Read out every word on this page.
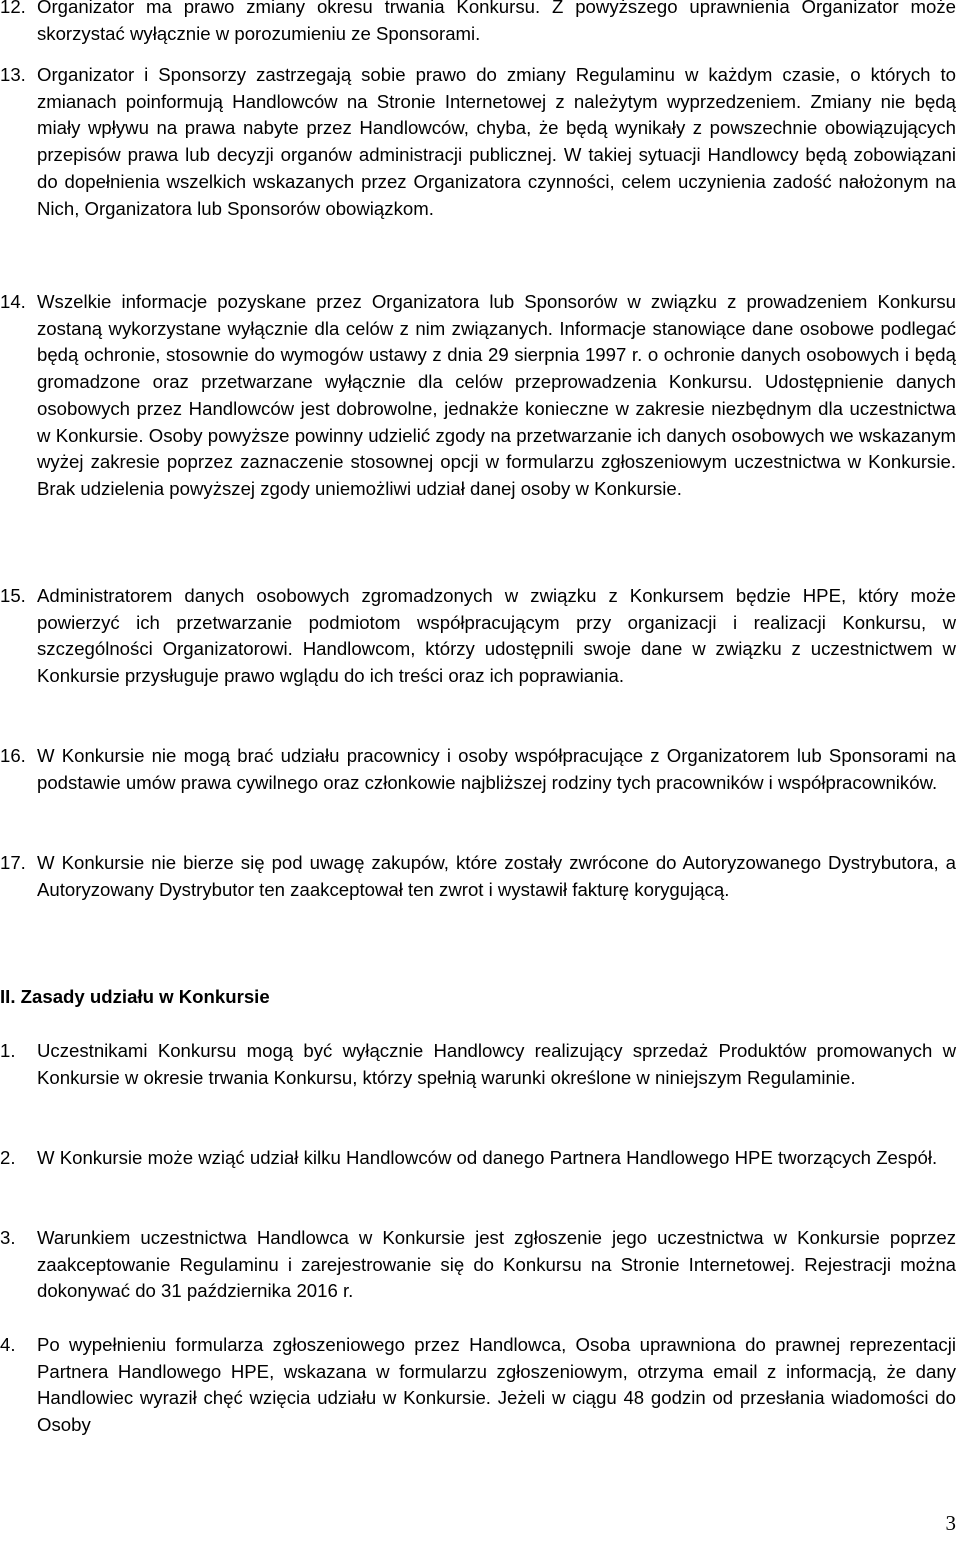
12. Organizator ma prawo zmiany okresu trwania Konkursu. Z powyższego uprawnienia Organizator może skorzystać wyłącznie w porozumieniu ze Sponsorami.
13. Organizator i Sponsorzy zastrzegają sobie prawo do zmiany Regulaminu w każdym czasie, o których to zmianach poinformują Handlowców na Stronie Internetowej z należytym wyprzedzeniem. Zmiany nie będą miały wpływu na prawa nabyte przez Handlowców, chyba, że będą wynikały z powszechnie obowiązujących przepisów prawa lub decyzji organów administracji publicznej. W takiej sytuacji Handlowcy będą zobowiązani do dopełnienia wszelkich wskazanych przez Organizatora czynności, celem uczynienia zadość nałożonym na Nich, Organizatora lub Sponsorów obowiązkom.
14. Wszelkie informacje pozyskane przez Organizatora lub Sponsorów w związku z prowadzeniem Konkursu zostaną wykorzystane wyłącznie dla celów z nim związanych. Informacje stanowiące dane osobowe podlegać będą ochronie, stosownie do wymogów ustawy z dnia 29 sierpnia 1997 r. o ochronie danych osobowych i będą gromadzone oraz przetwarzane wyłącznie dla celów przeprowadzenia Konkursu. Udostępnienie danych osobowych przez Handlowców jest dobrowolne, jednakże konieczne w zakresie niezbędnym dla uczestnictwa w Konkursie. Osoby powyższe powinny udzielić zgody na przetwarzanie ich danych osobowych we wskazanym wyżej zakresie poprzez zaznaczenie stosownej opcji w formularzu zgłoszeniowym uczestnictwa w Konkursie. Brak udzielenia powyższej zgody uniemożliwi udział danej osoby w Konkursie.
15. Administratorem danych osobowych zgromadzonych w związku z Konkursem będzie HPE, który może powierzyć ich przetwarzanie podmiotom współpracującym przy organizacji i realizacji Konkursu, w szczególności Organizatorowi. Handlowcom, którzy udostępnili swoje dane w związku z uczestnictwem w Konkursie przysługuje prawo wglądu do ich treści oraz ich poprawiania.
16. W Konkursie nie mogą brać udziału pracownicy i osoby współpracujące z Organizatorem lub Sponsorami na podstawie umów prawa cywilnego oraz członkowie najbliższej rodziny tych pracowników i współpracowników.
17. W Konkursie nie bierze się pod uwagę zakupów, które zostały zwrócone do Autoryzowanego Dystrybutora, a Autoryzowany Dystrybutor ten zaakceptował ten zwrot i wystawił fakturę korygującą.
II. Zasady udziału w Konkursie
1. Uczestnikami Konkursu mogą być wyłącznie Handlowcy realizujący sprzedaż Produktów promowanych w Konkursie w okresie trwania Konkursu, którzy spełnią warunki określone w niniejszym Regulaminie.
2. W Konkursie może wziąć udział kilku Handlowców od danego Partnera Handlowego HPE tworzących Zespół.
3. Warunkiem uczestnictwa Handlowca w Konkursie jest zgłoszenie jego uczestnictwa w Konkursie poprzez zaakceptowanie Regulaminu i zarejestrowanie się do Konkursu na Stronie Internetowej. Rejestracji można dokonywać do 31 października 2016 r.
4. Po wypełnieniu formularza zgłoszeniowego przez Handlowca, Osoba uprawniona do prawnej reprezentacji Partnera Handlowego HPE, wskazana w formularzu zgłoszeniowym, otrzyma email z informacją, że dany Handlowiec wyraził chęć wzięcia udziału w Konkursie. Jeżeli w ciągu 48 godzin od przesłania wiadomości do Osoby
3
